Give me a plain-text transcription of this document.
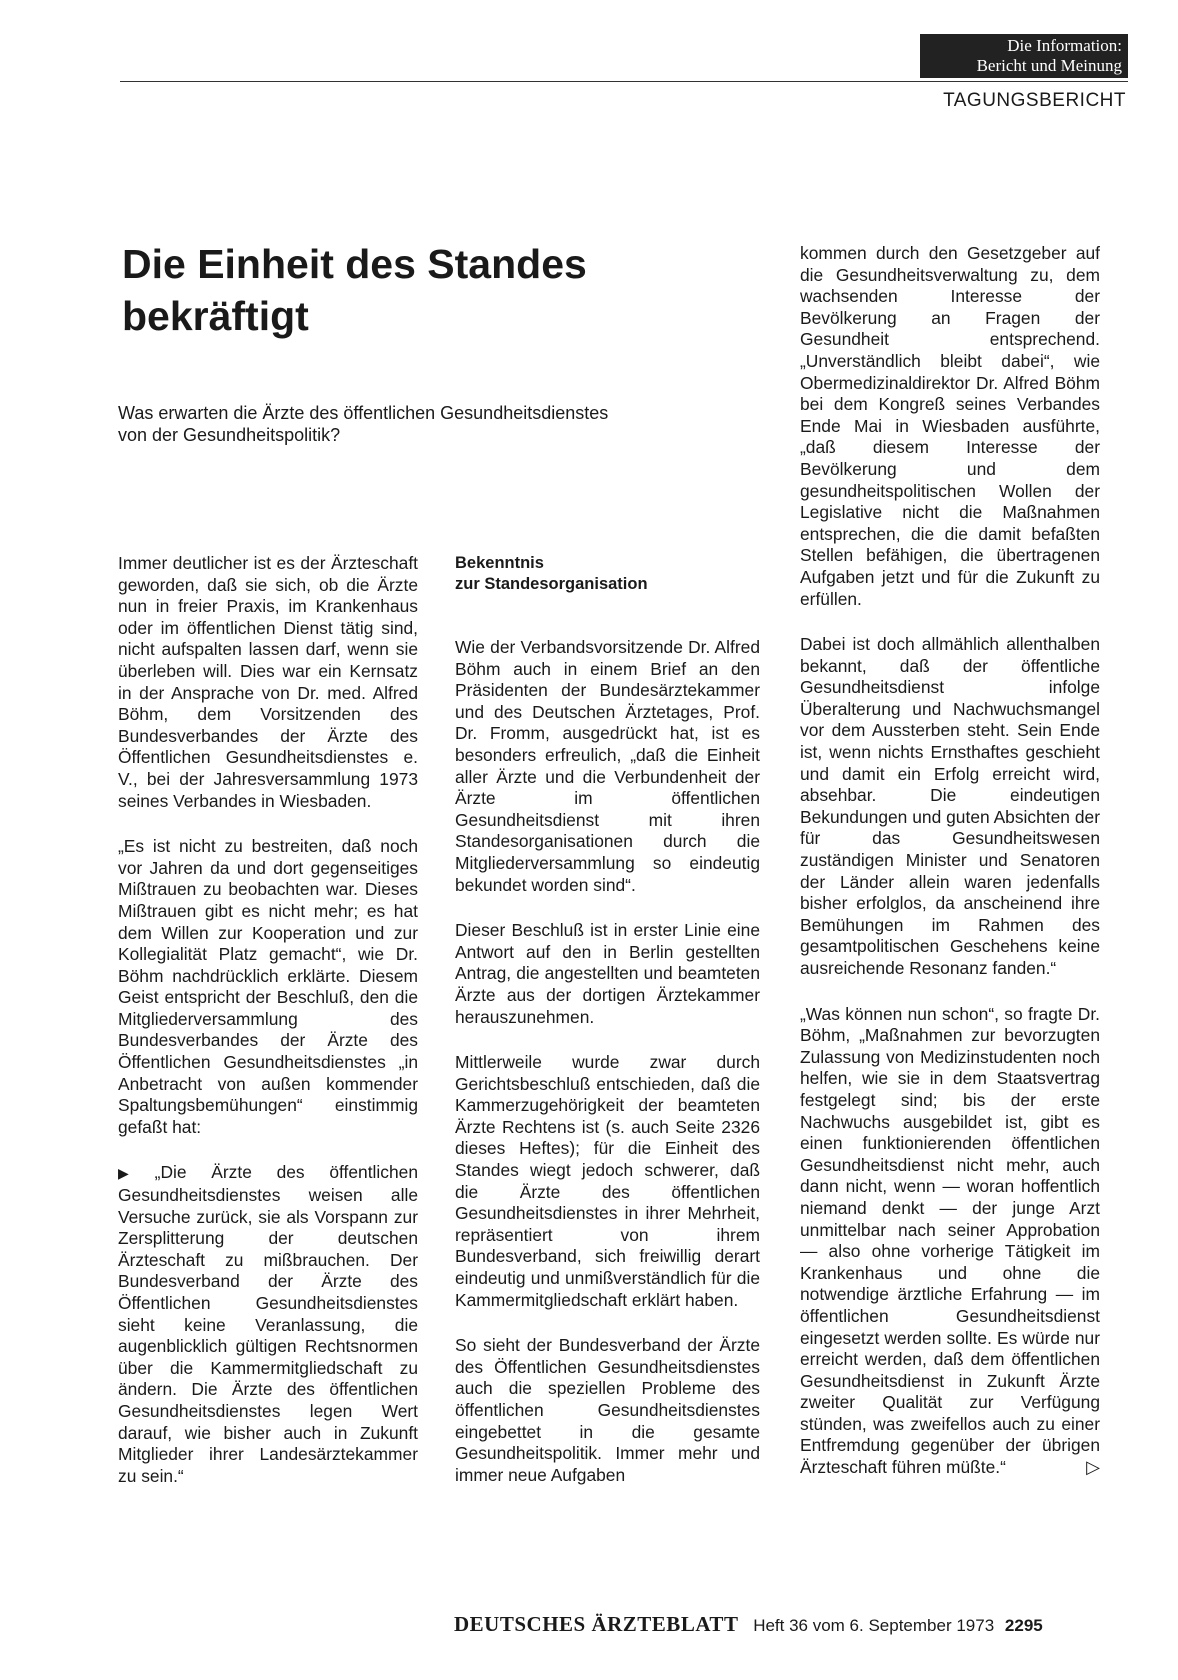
Die Information:
Bericht und Meinung
TAGUNGSBERICHT
Die Einheit des Standes
bekräftigt

Was erwarten die Ärzte des öffentlichen Gesundheitsdienstes
von der Gesundheitspolitik?

Immer deutlicher ist es der Ärzteschaft geworden, daß sie sich, ob die Ärzte nun in freier Praxis, im Krankenhaus oder im öffentlichen Dienst tätig sind, nicht aufspalten lassen darf, wenn sie überleben will. Dies war ein Kernsatz in der Ansprache von Dr. med. Alfred Böhm, dem Vorsitzenden des Bundesverbandes der Ärzte des Öffentlichen Gesundheitsdienstes e. V., bei der Jahresversammlung 1973 seines Verbandes in Wiesbaden.

„Es ist nicht zu bestreiten, daß noch vor Jahren da und dort gegenseitiges Mißtrauen zu beobachten war. Dieses Mißtrauen gibt es nicht mehr; es hat dem Willen zur Kooperation und zur Kollegialität Platz gemacht“, wie Dr. Böhm nachdrücklich erklärte. Diesem Geist entspricht der Beschluß, den die Mitgliederversammlung des Bundesverbandes der Ärzte des Öffentlichen Gesundheitsdienstes „in Anbetracht von außen kommender Spaltungsbemühungen“ einstimmig gefaßt hat:

▶ „Die Ärzte des öffentlichen Gesundheitsdienstes weisen alle Versuche zurück, sie als Vorspann zur Zersplitterung der deutschen Ärzteschaft zu mißbrauchen. Der Bundesverband der Ärzte des Öffentlichen Gesundheitsdienstes sieht keine Veranlassung, die augenblicklich gültigen Rechtsnormen über die Kammermitgliedschaft zu ändern. Die Ärzte des öffentlichen Gesundheitsdienstes legen Wert darauf, wie bisher auch in Zukunft Mitglieder ihrer Landesärztekammer zu sein.“

Bekenntnis
zur Standesorganisation

Wie der Verbandsvorsitzende Dr. Alfred Böhm auch in einem Brief an den Präsidenten der Bundesärztekammer und des Deutschen Ärztetages, Prof. Dr. Fromm, ausgedrückt hat, ist es besonders erfreulich, „daß die Einheit aller Ärzte und die Verbundenheit der Ärzte im öffentlichen Gesundheitsdienst mit ihren Standesorganisationen durch die Mitgliederversammlung so eindeutig bekundet worden sind“.

Dieser Beschluß ist in erster Linie eine Antwort auf den in Berlin gestellten Antrag, die angestellten und beamteten Ärzte aus der dortigen Ärztekammer herauszunehmen.

Mittlerweile wurde zwar durch Gerichtsbeschluß entschieden, daß die Kammerzugehörigkeit der beamteten Ärzte Rechtens ist (s. auch Seite 2326 dieses Heftes); für die Einheit des Standes wiegt jedoch schwerer, daß die Ärzte des öffentlichen Gesundheitsdienstes in ihrer Mehrheit, repräsentiert von ihrem Bundesverband, sich freiwillig derart eindeutig und unmißverständlich für die Kammermitgliedschaft erklärt haben.

So sieht der Bundesverband der Ärzte des Öffentlichen Gesundheitsdienstes auch die speziellen Probleme des öffentlichen Gesundheitsdienstes eingebettet in die gesamte Gesundheitspolitik. Immer mehr und immer neue Aufgaben

kommen durch den Gesetzgeber auf die Gesundheitsverwaltung zu, dem wachsenden Interesse der Bevölkerung an Fragen der Gesundheit entsprechend. „Unverständlich bleibt dabei“, wie Obermedizinaldirektor Dr. Alfred Böhm bei dem Kongreß seines Verbandes Ende Mai in Wiesbaden ausführte, „daß diesem Interesse der Bevölkerung und dem gesundheitspolitischen Wollen der Legislative nicht die Maßnahmen entsprechen, die die damit befaßten Stellen befähigen, die übertragenen Aufgaben jetzt und für die Zukunft zu erfüllen.

Dabei ist doch allmählich allenthalben bekannt, daß der öffentliche Gesundheitsdienst infolge Überalterung und Nachwuchsmangel vor dem Aussterben steht. Sein Ende ist, wenn nichts Ernsthaftes geschieht und damit ein Erfolg erreicht wird, absehbar. Die eindeutigen Bekundungen und guten Absichten der für das Gesundheitswesen zuständigen Minister und Senatoren der Länder allein waren jedenfalls bisher erfolglos, da anscheinend ihre Bemühungen im Rahmen des gesamtpolitischen Geschehens keine ausreichende Resonanz fanden.“

„Was können nun schon“, so fragte Dr. Böhm, „Maßnahmen zur bevorzugten Zulassung von Medizinstudenten noch helfen, wie sie in dem Staatsvertrag festgelegt sind; bis der erste Nachwuchs ausgebildet ist, gibt es einen funktionierenden öffentlichen Gesundheitsdienst nicht mehr, auch dann nicht, wenn — woran hoffentlich niemand denkt — der junge Arzt unmittelbar nach seiner Approbation — also ohne vorherige Tätigkeit im Krankenhaus und ohne die notwendige ärztliche Erfahrung — im öffentlichen Gesundheitsdienst eingesetzt werden sollte. Es würde nur erreicht werden, daß dem öffentlichen Gesundheitsdienst in Zukunft Ärzte zweiter Qualität zur Verfügung stünden, was zweifellos auch zu einer Entfremdung gegenüber der übrigen Ärzteschaft führen müßte.“	▷

DEUTSCHES ÄRZTEBLATT Heft 36 vom 6. September 1973 2295
